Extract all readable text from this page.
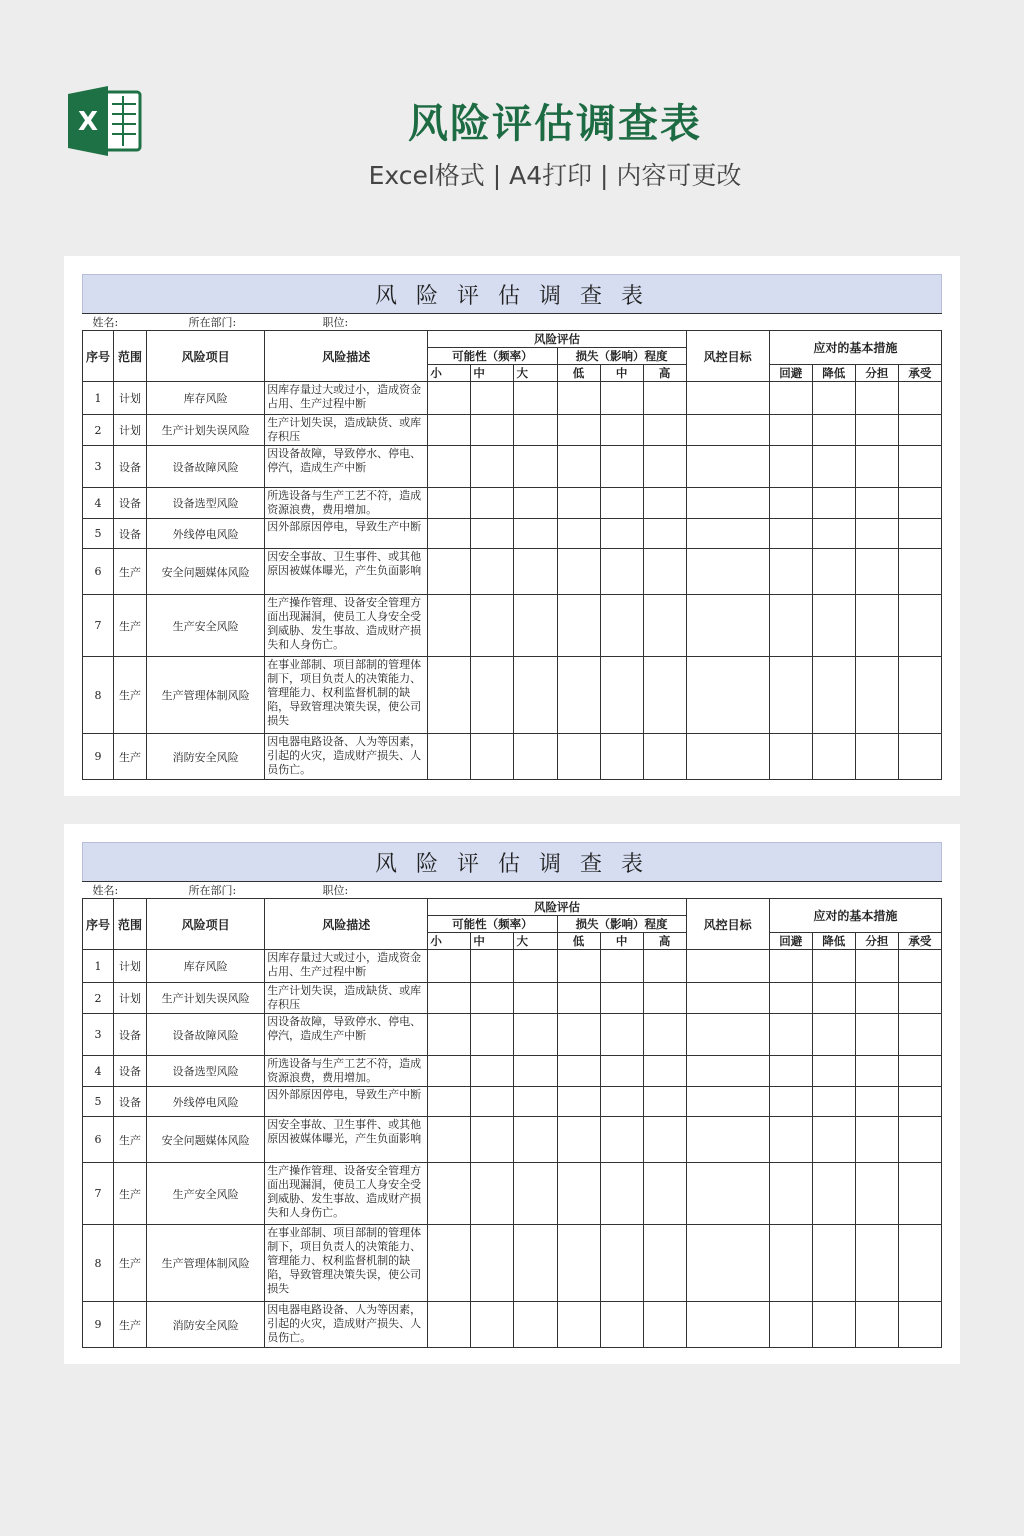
X	风险评估调查表
Excel格式 | A4打印 | 内容可更改
风 险 评 估 调 查 表														
姓名: 所在部门: 职位:														
序号	范围	风险项目	风险描述	风险评估						风控目标	应对的基本措施			
				可能性（频率）			损失（影响）程度							
				小	中	大	低	中	高		回避	降低	分担	承受
1	计划	库存风险	因库存量过大或过小，造成资金占用、生产过程中断											
2	计划	生产计划失误风险	生产计划失误，造成缺货、或库存积压											
3	设备	设备故障风险	因设备故障，导致停水、停电、停汽，造成生产中断											
4	设备	设备选型风险	所选设备与生产工艺不符，造成资源浪费，费用增加。											
5	设备	外线停电风险	因外部原因停电，导致生产中断											
6	生产	安全问题媒体风险	因安全事故、卫生事件、或其他原因被媒体曝光，产生负面影响											
7	生产	生产安全风险	生产操作管理、设备安全管理方面出现漏洞，使员工人身安全受到威胁、发生事故、造成财产损失和人身伤亡。											
8	生产	生产管理体制风险	在事业部制、项目部制的管理体制下，项目负责人的决策能力、管理能力、权利监督机制的缺陷，导致管理决策失误，使公司损失											
9	生产	消防安全风险	因电器电路设备、人为等因素，引起的火灾，造成财产损失、人员伤亡。											
风 险 评 估 调 查 表														
姓名: 所在部门: 职位:														
序号	范围	风险项目	风险描述	风险评估						风控目标	应对的基本措施			
				可能性（频率）			损失（影响）程度							
				小	中	大	低	中	高		回避	降低	分担	承受
1	计划	库存风险	因库存量过大或过小，造成资金占用、生产过程中断											
2	计划	生产计划失误风险	生产计划失误，造成缺货、或库存积压											
3	设备	设备故障风险	因设备故障，导致停水、停电、停汽，造成生产中断											
4	设备	设备选型风险	所选设备与生产工艺不符，造成资源浪费，费用增加。											
5	设备	外线停电风险	因外部原因停电，导致生产中断											
6	生产	安全问题媒体风险	因安全事故、卫生事件、或其他原因被媒体曝光，产生负面影响											
7	生产	生产安全风险	生产操作管理、设备安全管理方面出现漏洞，使员工人身安全受到威胁、发生事故、造成财产损失和人身伤亡。											
8	生产	生产管理体制风险	在事业部制、项目部制的管理体制下，项目负责人的决策能力、管理能力、权利监督机制的缺陷，导致管理决策失误，使公司损失											
9	生产	消防安全风险	因电器电路设备、人为等因素，引起的火灾，造成财产损失、人员伤亡。											
